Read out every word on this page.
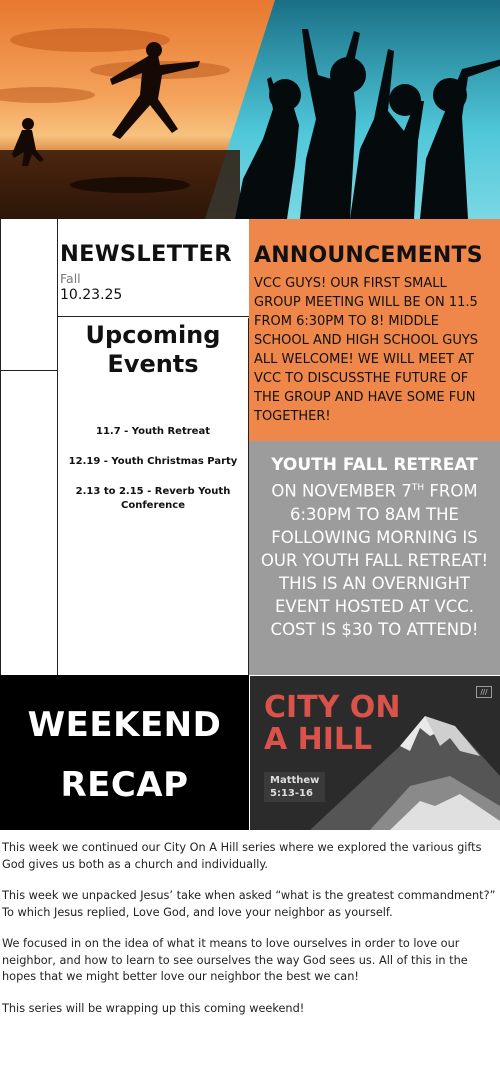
NEWSLETTER
Fall
10.23.25
Upcoming
Events
11.7 - Youth Retreat
12.19 - Youth Christmas Party
2.13 to 2.15 - Reverb Youth Conference
ANNOUNCEMENTS
VCC GUYS! OUR FIRST SMALL GROUP MEETING WILL BE ON 11.5 FROM 6:30PM TO 8! MIDDLE SCHOOL AND HIGH SCHOOL GUYS ALL WELCOME! WE WILL MEET AT VCC TO DISCUSSTHE FUTURE OF THE GROUP AND HAVE SOME FUN TOGETHER!
YOUTH FALL RETREAT
ON NOVEMBER 7TH FROM 6:30PM TO 8AM THE FOLLOWING MORNING IS OUR YOUTH FALL RETREAT! THIS IS AN OVERNIGHT EVENT HOSTED AT VCC. COST IS $30 TO ATTEND!
WEEKEND
RECAP
///
CITY ON
A HILL
Matthew
5:13-16

This week we continued our City On A Hill series where we explored the various gifts God gives us both as a church and individually.

This week we unpacked Jesus’ take when asked “what is the greatest commandment?” To which Jesus replied, Love God, and love your neighbor as yourself.

We focused in on the idea of what it means to love ourselves in order to love our neighbor, and how to learn to see ourselves the way God sees us. All of this in the hopes that we might better love our neighbor the best we can!

This series will be wrapping up this coming weekend!
